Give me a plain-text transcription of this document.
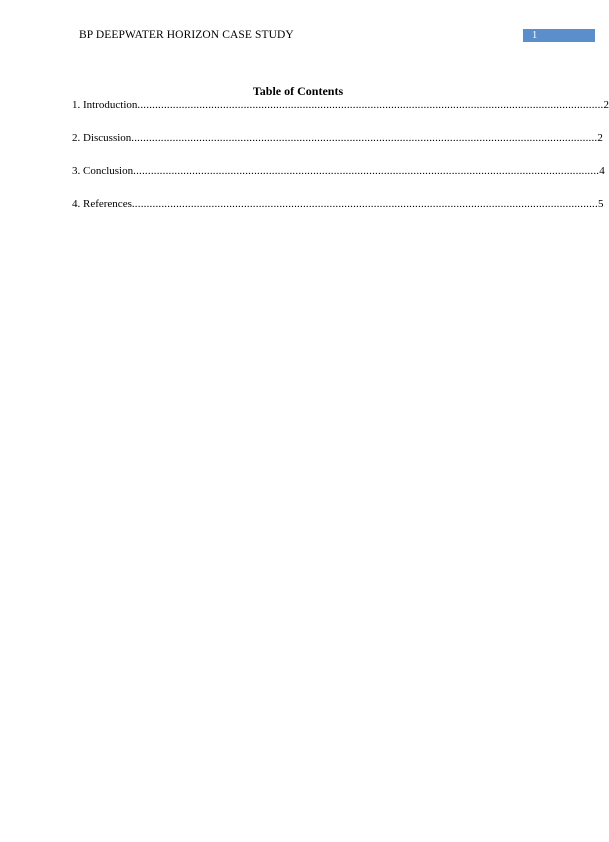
BP DEEPWATER HORIZON CASE STUDY	1
Table of Contents
1. Introduction .............................................................................................................................................................. 2
2. Discussion .............................................................................................................................................................. 2
3. Conclusion .............................................................................................................................................................. 4
4. References .............................................................................................................................................................. 5
